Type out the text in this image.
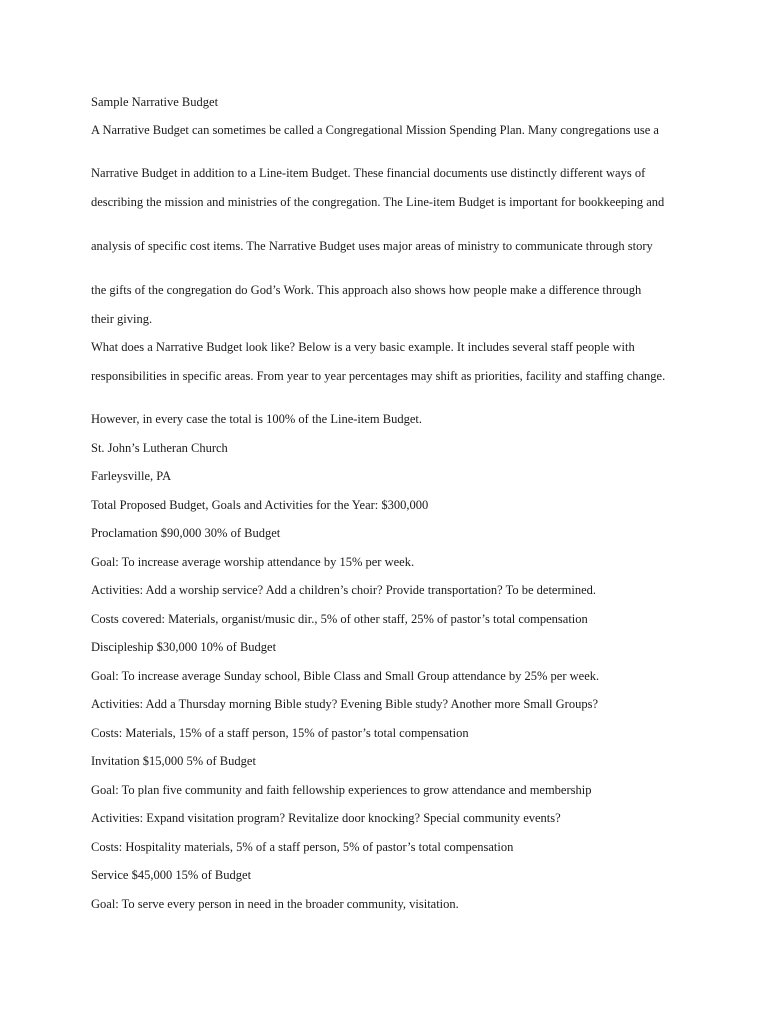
Sample Narrative Budget

A Narrative Budget can sometimes be called a Congregational Mission Spending Plan. Many congregations use a

Narrative Budget in addition to a Line-item Budget. These financial documents use distinctly different ways of

describing the mission and ministries of the congregation. The Line-item Budget is important for bookkeeping and

analysis of specific cost items. The Narrative Budget uses major areas of ministry to communicate through story

the gifts of the congregation do God’s Work. This approach also shows how people make a difference through

their giving.

What does a Narrative Budget look like? Below is a very basic example. It includes several staff people with

responsibilities in specific areas. From year to year percentages may shift as priorities, facility and staffing change.

However, in every case the total is 100% of the Line-item Budget.

St. John’s Lutheran Church

Farleysville, PA

Total Proposed Budget, Goals and Activities for the Year: $300,000

Proclamation $90,000 30% of Budget

Goal: To increase average worship attendance by 15% per week.

Activities: Add a worship service? Add a children’s choir? Provide transportation? To be determined.

Costs covered: Materials, organist/music dir., 5% of other staff, 25% of pastor’s total compensation

Discipleship $30,000 10% of Budget

Goal: To increase average Sunday school, Bible Class and Small Group attendance by 25% per week.

Activities: Add a Thursday morning Bible study? Evening Bible study? Another more Small Groups?

Costs: Materials, 15% of a staff person, 15% of pastor’s total compensation

Invitation $15,000 5% of Budget

Goal: To plan five community and faith fellowship experiences to grow attendance and membership

Activities: Expand visitation program? Revitalize door knocking? Special community events?

Costs: Hospitality materials, 5% of a staff person, 5% of pastor’s total compensation

Service $45,000 15% of Budget

Goal: To serve every person in need in the broader community, visitation.
